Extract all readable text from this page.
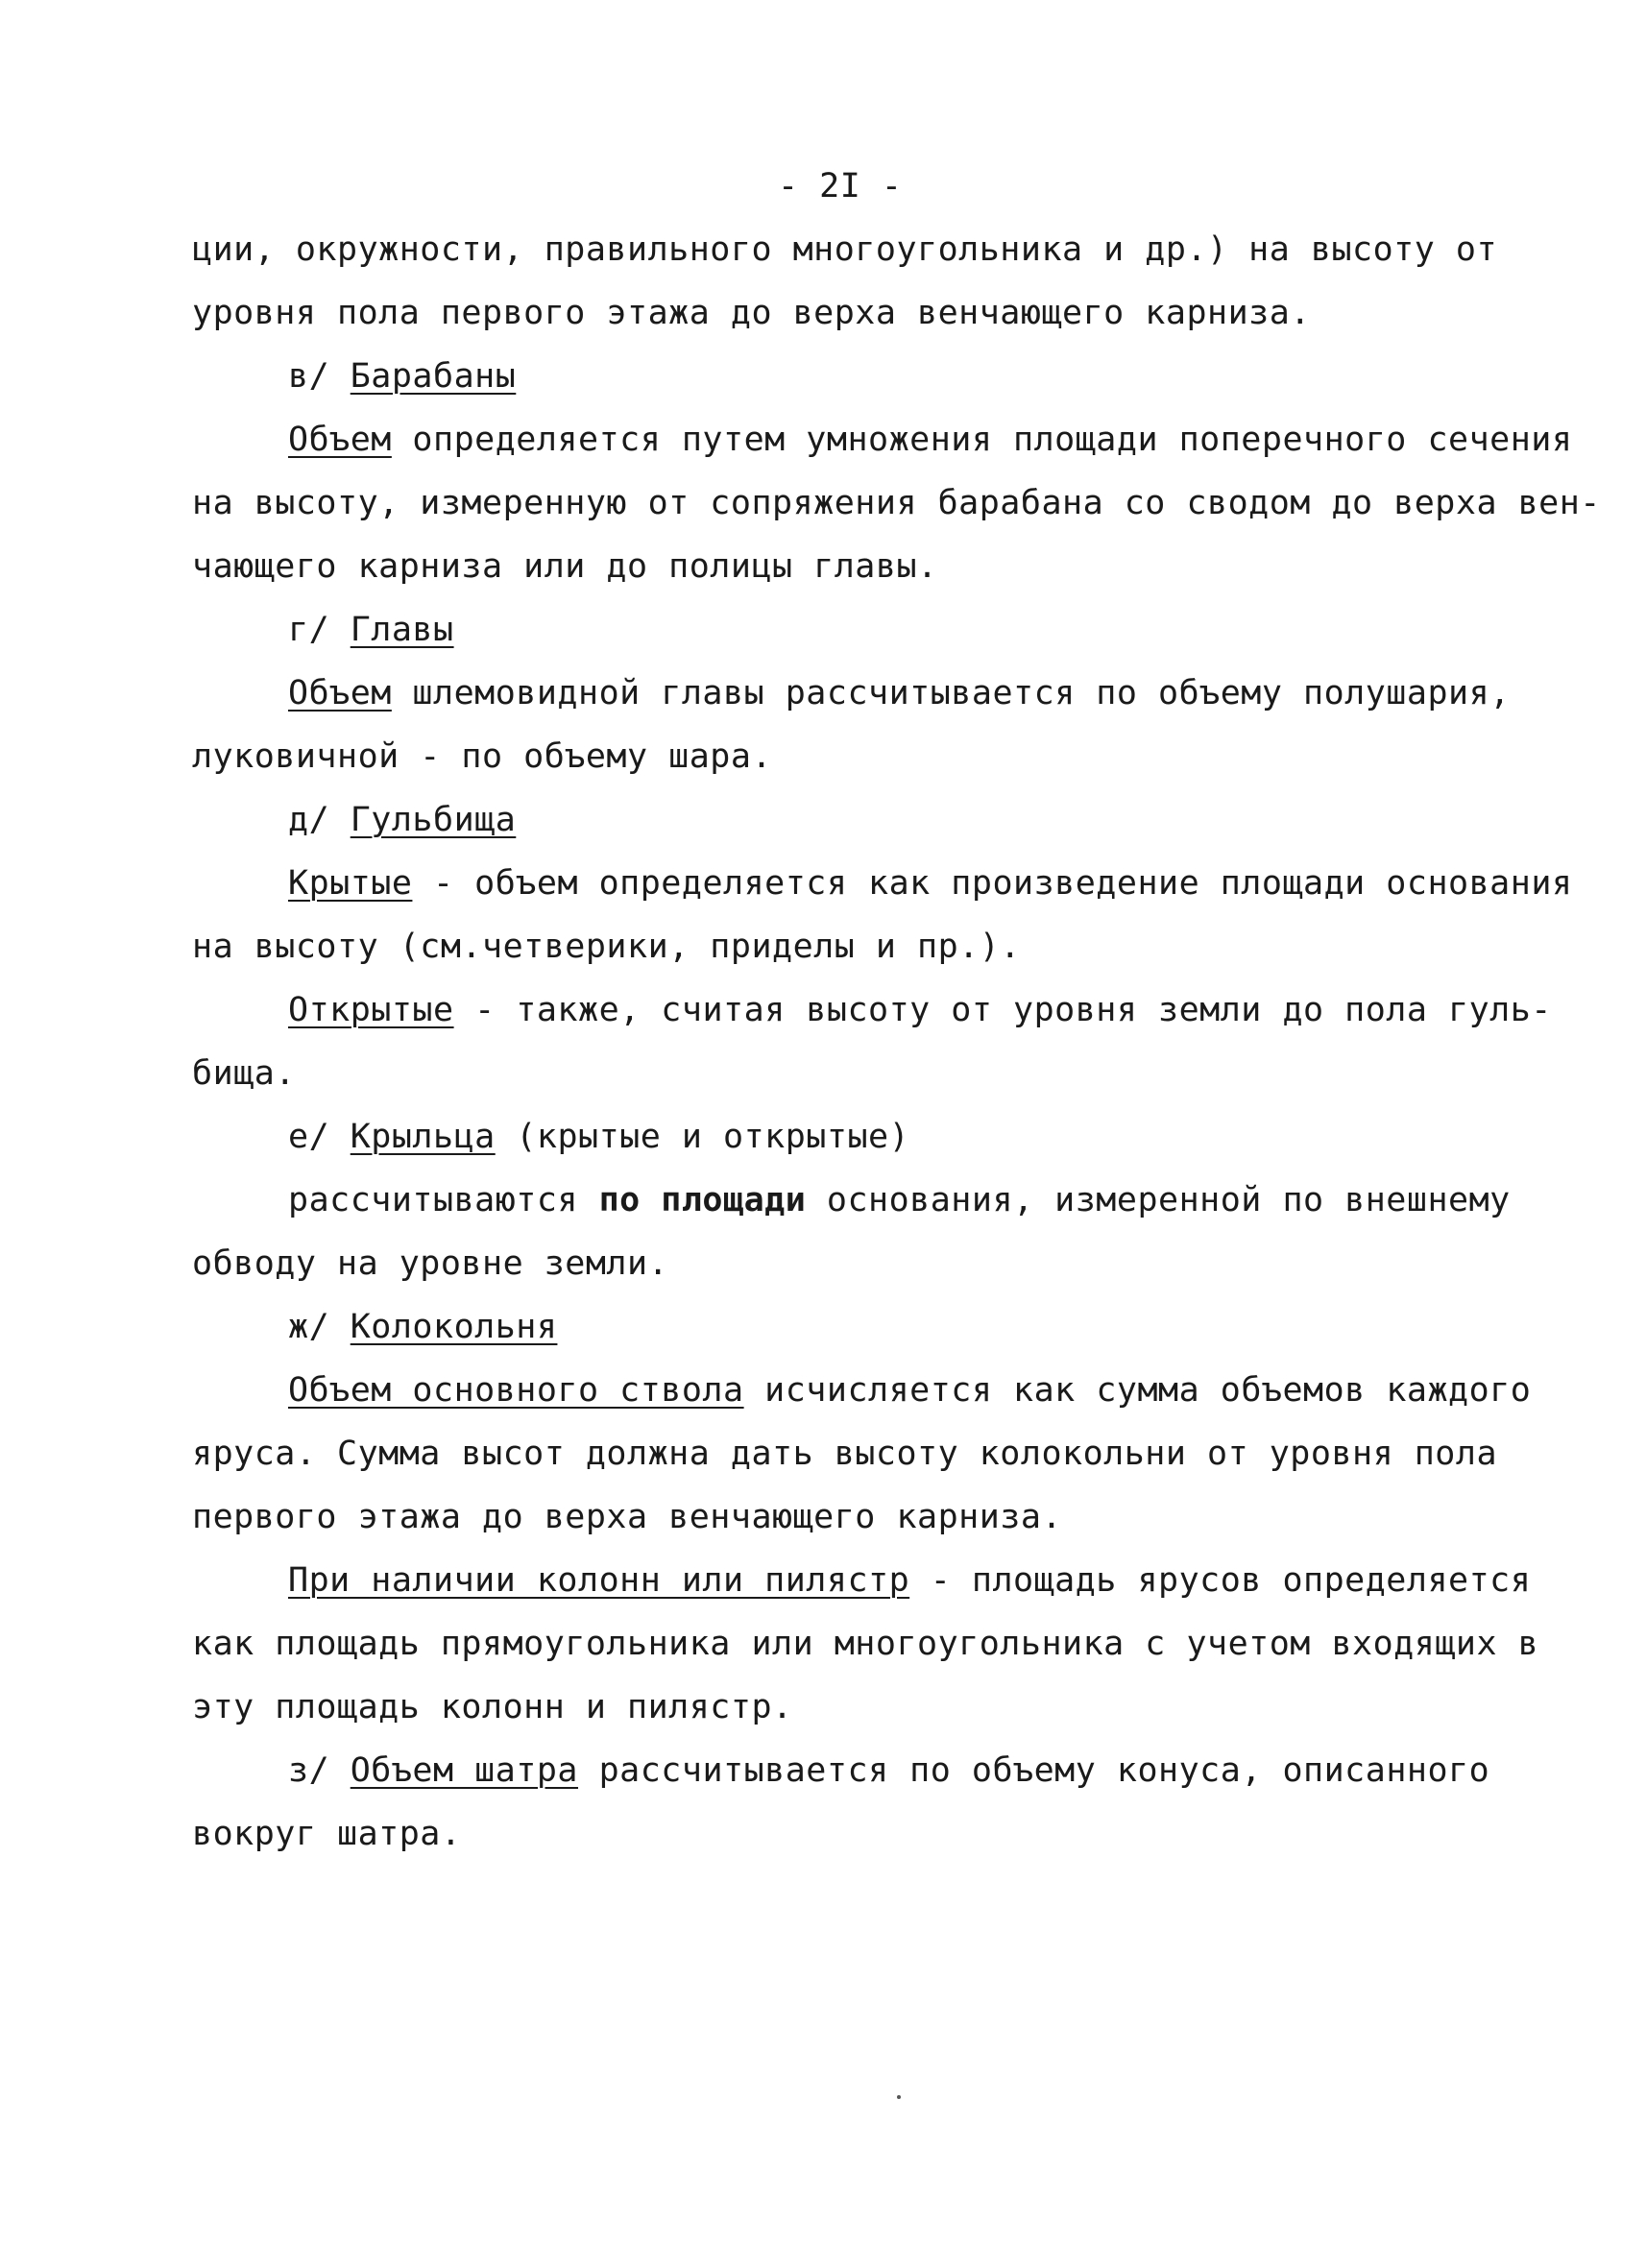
- 2I -
ции, окружности, правильного многоугольника и др.) на высоту от
уровня пола первого этажа до верха венчающего карниза.
в/ Барабаны
Объем определяется путем умножения площади поперечного сечения
на высоту, измеренную от сопряжения барабана со сводом до верха вен-
чающего карниза или до полицы главы.
г/ Главы
Объем шлемовидной главы рассчитывается по объему полушария,
луковичной - по объему шара.
д/ Гульбища
Крытые - объем определяется как произведение площади основания
на высоту (см.четверики, приделы и пр.).
Открытые - также, считая высоту от уровня земли до пола гуль-
бища.
е/ Крыльца (крытые и открытые)
рассчитываются по площади основания, измеренной по внешнему
обводу на уровне земли.
ж/ Колокольня
Объем основного ствола исчисляется как сумма объемов каждого
яруса. Сумма высот должна дать высоту колокольни от уровня пола
первого этажа до верха венчающего карниза.
При наличии колонн или пилястр - площадь ярусов определяется
как площадь прямоугольника или многоугольника с учетом входящих в
эту площадь колонн и пилястр.
з/ Объем шатра рассчитывается по объему конуса, описанного
вокруг шатра.
